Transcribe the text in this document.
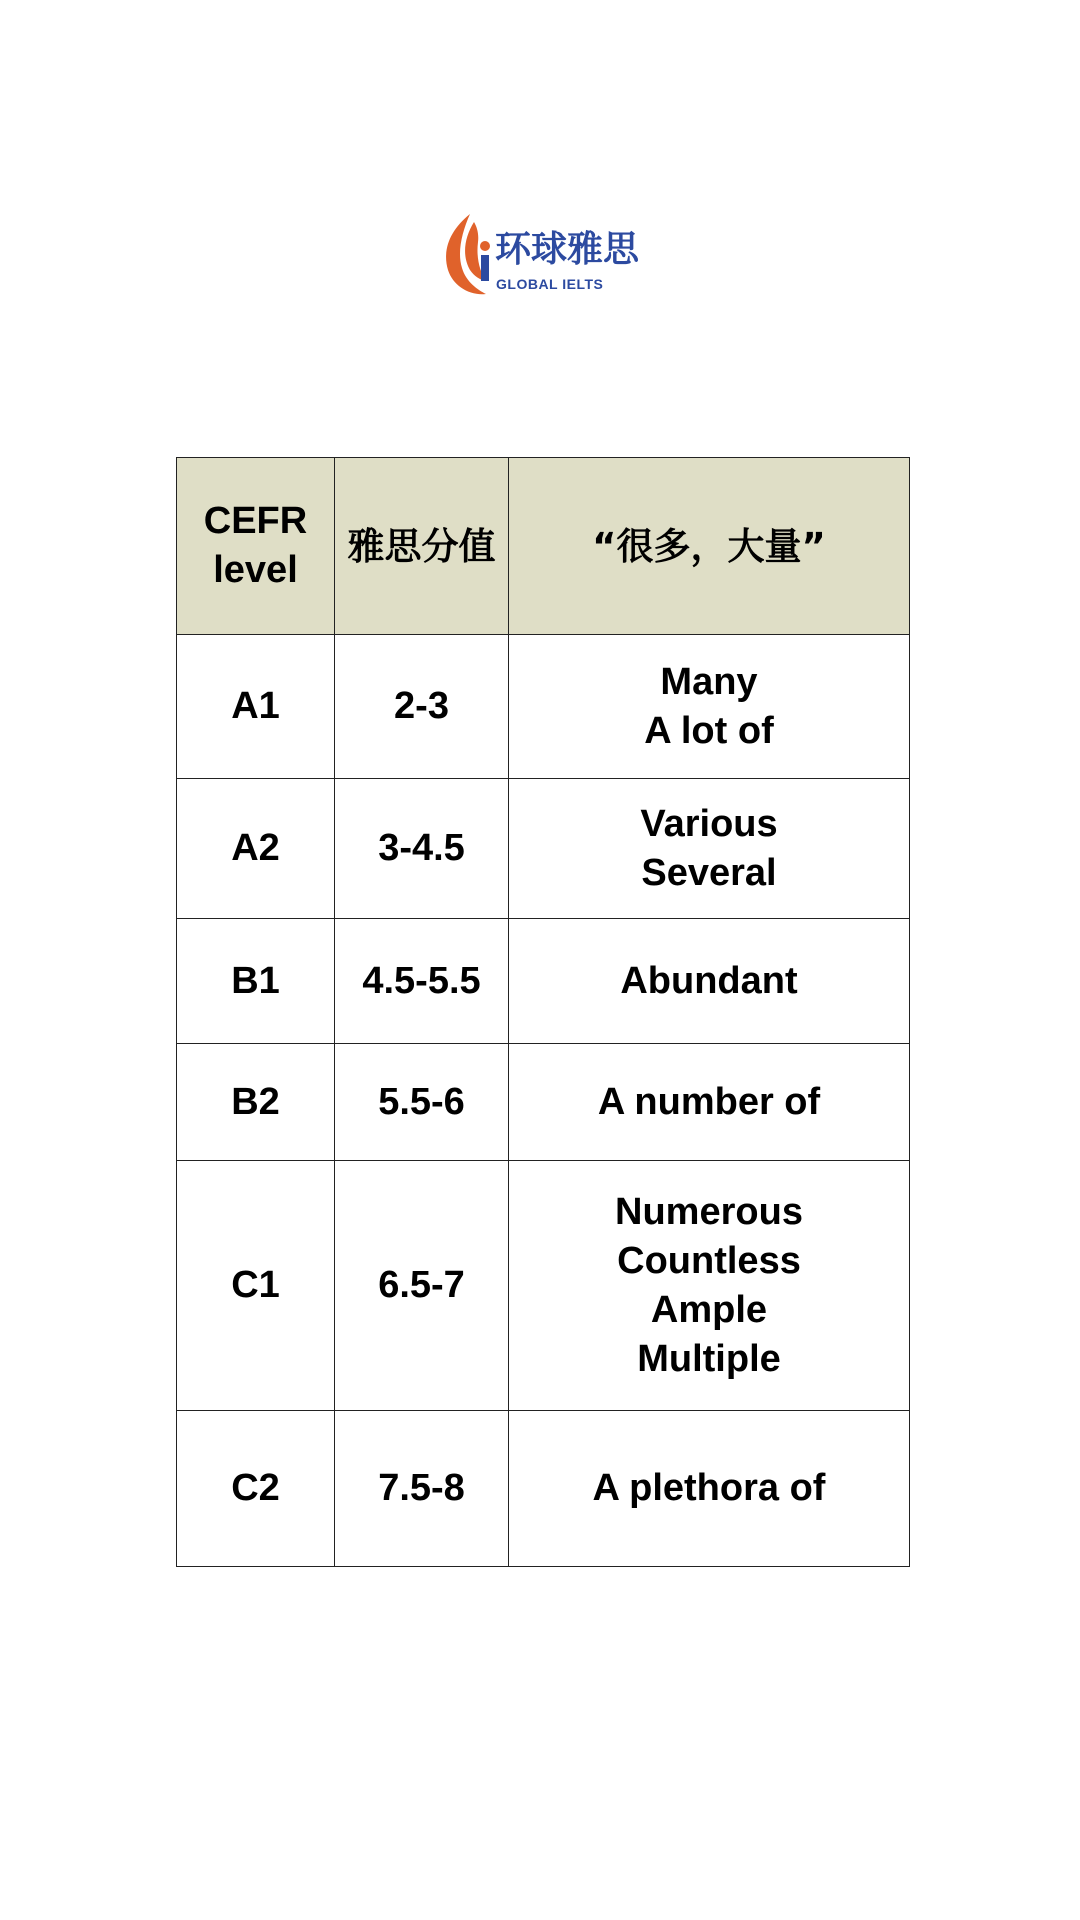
环球雅思
GLOBAL IELTS
CEFR
level	雅思分值	“很多，大量”
A1	2-3	Many
A lot of

A2	3-4.5	Various
Several

B1	4.5-5.5	Abundant

B2	5.5-6	A number of

C1	6.5-7	Numerous
Countless
Ample
Multiple

C2	7.5-8	A plethora of
